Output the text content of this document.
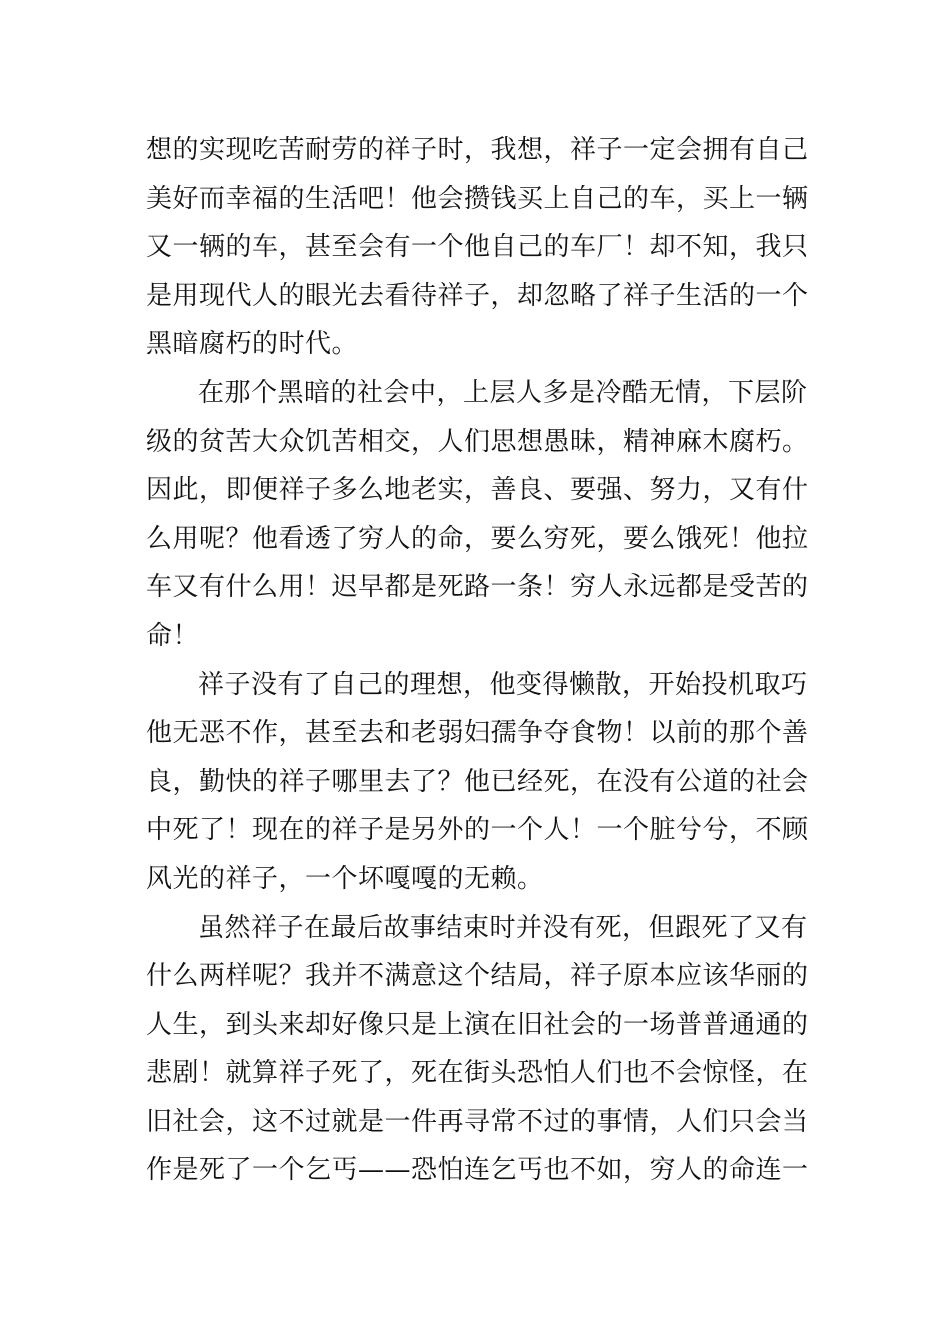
想的实现吃苦耐劳的祥子时，我想，祥子一定会拥有自己
美好而幸福的生活吧！他会攒钱买上自己的车，买上一辆
又一辆的车，甚至会有一个他自己的车厂！却不知，我只
是用现代人的眼光去看待祥子，却忽略了祥子生活的一个
黑暗腐朽的时代。
在那个黑暗的社会中，上层人多是冷酷无情，下层阶
级的贫苦大众饥苦相交，人们思想愚昧，精神麻木腐朽。
因此，即便祥子多么地老实，善良、要强、努力，又有什
么用呢？他看透了穷人的命，要么穷死，要么饿死！他拉
车又有什么用！迟早都是死路一条！穷人永远都是受苦的
命！
祥子没有了自己的理想，他变得懒散，开始投机取巧
他无恶不作，甚至去和老弱妇孺争夺食物！以前的那个善
良，勤快的祥子哪里去了？他已经死，在没有公道的社会
中死了！现在的祥子是另外的一个人！一个脏兮兮，不顾
风光的祥子，一个坏嘎嘎的无赖。
虽然祥子在最后故事结束时并没有死，但跟死了又有
什么两样呢？我并不满意这个结局，祥子原本应该华丽的
人生，到头来却好像只是上演在旧社会的一场普普通通的
悲剧！就算祥子死了，死在街头恐怕人们也不会惊怪，在
旧社会，这不过就是一件再寻常不过的事情，人们只会当
作是死了一个乞丐——恐怕连乞丐也不如，穷人的命连一
